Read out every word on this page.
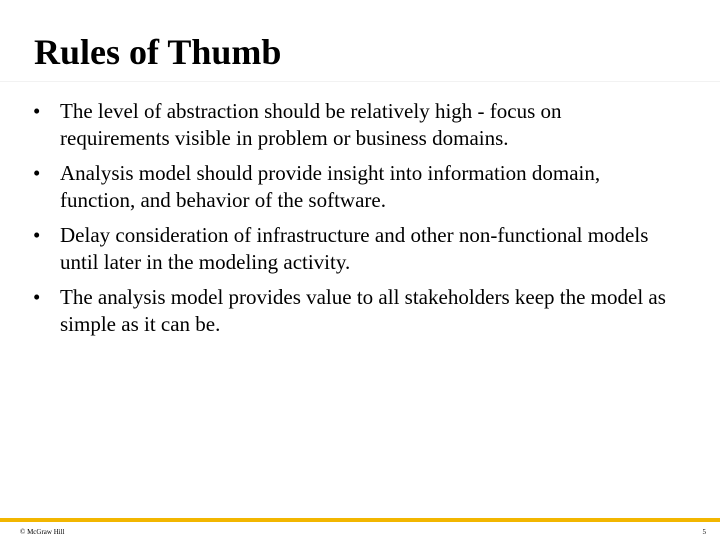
Rules of Thumb
• The level of abstraction should be relatively high - focus on requirements visible in problem or business domains.
• Analysis model should provide insight into information domain, function, and behavior of the software.
• Delay consideration of infrastructure and other non-functional models until later in the modeling activity.
• The analysis model provides value to all stakeholders keep the model as simple as it can be.
© McGraw Hill	5
